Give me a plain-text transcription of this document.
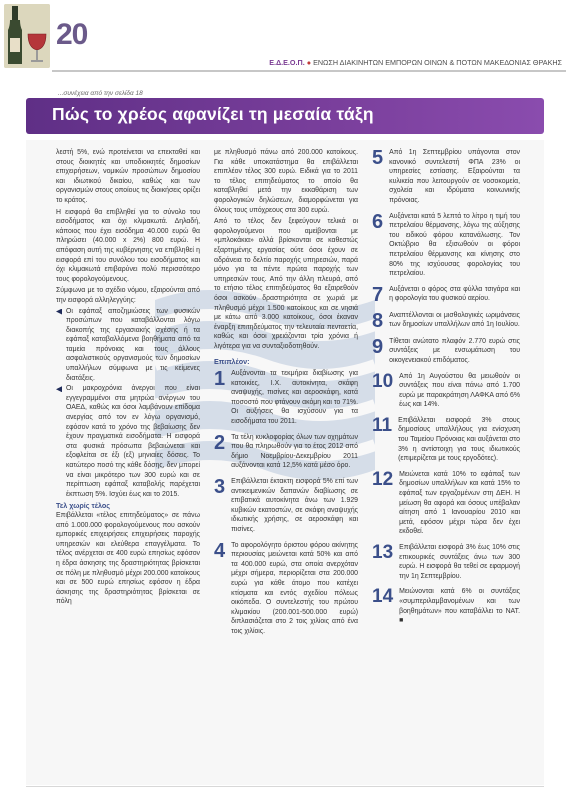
20
Ε.Δ.Ε.Ο.Π. ● ΕΝΩΣΗ ΔΙΑΚΙΝΗΤΩΝ ΕΜΠΟΡΩΝ ΟΙΝΩΝ & ΠΟΤΩΝ ΜΑΚΕΔΟΝΙΑΣ ΘΡΑΚΗΣ
...συνέχεια από την σελίδα 18
Πώς το χρέος αφανίζει τη μεσαία τάξη

λεστή 5%, ενώ προτείνεται να επεκταθεί και στους διοικητές και υποδιοικητές δημοσίων επιχειρήσεων, νομικών προσώπων δημοσίου και ιδιωτικού δικαίου, καθώς και των οργανισμών στους οποίους τις διοικήσεις ορίζει το κράτος.

Η εισφορά θα επιβληθεί για το σύνολο του εισοδήματος και όχι κλιμακωτά. Δηλαδή, κάποιος που έχει εισόδημα 40.000 ευρώ θα πληρώσει (40.000 x 2%) 800 ευρώ. Η απόφαση αυτή της κυβέρνησης να επιβληθεί η εισφορά επί του συνόλου του εισοδήματος και όχι κλιμακωτά επιβαρύνει πολύ περισσότερο τους φορολογούμενους.

Σύμφωνα με το σχέδιο νόμου, εξαιρούνται από την εισφορά αλληλεγγύης:

Οι εφάπαξ αποζημιώσεις των φυσικών προσώπων που καταβάλλονται λόγω διακοπής της εργασιακής σχέσης ή τα εφάπαξ καταβαλλόμενα βοηθήματα από τα ταμεία πρόνοιας και τους άλλους ασφαλιστικούς οργανισμούς των δημοσίων υπαλλήλων σύμφωνα με τις κείμενες διατάξεις.

Οι μακροχρόνια άνεργοι που είναι εγγεγραμμένοι στα μητρώα ανέργων του ΟΑΕΔ, καθώς και όσοι λαμβάνουν επίδομα ανεργίας από τον εν λόγω οργανισμό, εφόσον κατά το χρόνο της βεβαίωσης δεν έχουν πραγματικά εισοδήματα. Η εισφορά στα φυσικά πρόσωπα βεβαιώνεται και εξοφλείται σε έξι (εξ) μηνιαίες δόσεις. Το κατώτερο ποσό της κάθε δόσης, δεν μπορεί να είναι μικρότερο των 300 ευρώ και σε περίπτωση εφάπαξ καταβολής παρέχεται έκπτωση 5%. Ισχύει έως και το 2015.

Τελ χωρίς τέλος

Επιβάλλεται «τέλος επιτηδεύματος» σε πάνω από 1.000.000 φορολογούμενους που ασκούν εμπορικές επιχειρήσεις επιχειρήσεις παροχής υπηρεσιών και ελεύθερα επαγγέλματα. Το τέλος ανέρχεται σε 400 ευρώ επησίως εφόσον η έδρα άσκησης της δραστηριότητας βρίσκεται σε πόλη με πληθυσμό μέχρι 200.000 κατοίκους και σε 500 ευρώ επησίως εφόσον η έδρα άσκησης της δραστηριότητας βρίσκεται σε πόλη

με πληθυσμό πάνω από 200.000 κατοίκους. Για κάθε υποκατάστημα θα επιβάλλεται επιπλέον τέλος 300 ευρώ. Ειδικά για το 2011 το τέλος επιτηδεύματος το οποίο θα καταβληθεί μετά την εκκαθάριση των φορολογικών δηλώσεων, διαμορφώνεται για όλους τους υπόχρεους στα 300 ευρώ.

Από το τέλος δεν ξεφεύγουν τελικά οι φορολογούμενοι που αμείβονται με «μπλοκάκια» αλλά βρίσκονται σε καθεστώς εξαρτημένης εργασίας ούτε όσοι έχουν σε αδράνεια το δελτίο παροχής υπηρεσιών, παρά μόνο για τα πέντε πρώτα παροχής των υπηρεσιών τους. Από την άλλη πλευρά, από το ετήσιο τέλος επιτηδεύματος θα εξαιρεθούν όσοι ασκούν δραστηριότητα σε χωριά με πληθυσμό μέχρι 1.500 κατοίκους και σε νησιά με κάτω από 3.000 κατοίκους, όσοι έκαναν έναρξη επιτηδεύματος την τελευταία πενταετία, καθώς και όσοι χρειάζονται τρία χρόνια ή λιγότερα για να συνταξιοδοτηθούν.

Επιπλέον:
1 Αυξάνονται τα τεκμήρια διαβίωσης για κατοικίες, Ι.Χ. αυτοκίνητα, σκάφη αναψυχής, πισίνες και αεροσκάφη, κατά ποσοστό που φτάνουν ακόμη και το 71%. Οι αυξήσεις θα ισχύσουν για τα εισοδήματα του 2011.

2 Τα τέλη κυκλοφορίας όλων των οχημάτων που θα πληρωθούν για το έτος 2012 από δήμιο Νοεμβρίου-Δεκεμβρίου 2011 αυξάνονται κατά 12,5% κατά μέσο όρο.

3 Επιβάλλεται έκτακτη εισφορά 5% επί των αντικειμενικών δαπανών διαβίωσης σε επιβατικά αυτοκίνητα άνω των 1.929 κυβικών εκατοστών, σε σκάφη αναψυχής ιδιωτικής χρήσης, σε αεροσκάφη και πισίνες.

4 Το αφορολόγητο όριστου φόρου ακίνητης περιουσίας μειώνεται κατά 50% και από τα 400.000 ευρώ, στα οποία ανερχόταν μέχρι σήμερα, περιορίζεται στα 200.000 ευρώ για κάθε άτομο που κατέχει κτίσματα και εντός σχεδίου πόλεως οικόπεδα. Ο συντελεστής του πρώτου κλιμακίου (200.001-500.000 ευρώ) διπλασιάζεται στο 2 τοις χιλίοις από ένα τοις χιλίοις.

5 Από 1η Σεπτεμβρίου υπάγονται στον κανονικό συντελεστή ΦΠΑ 23% οι υπηρεσίες εστίασης. Εξαιρούνται τα κυλικεία που λειτουργούν σε νοσοκομεία, σχολεία και ιδρύματα κοινωνικής πρόνοιας.

6 Αυξάνεται κατά 5 λεπτά το λίτρο η τιμή του πετρελαίου θέρμανσης, λόγω της αύξησης του ειδικού φόρου κατανάλωσης. Τον Οκτώβριο θα εξισωθούν οι φόροι πετρελαίου θέρμανσης και κίνησης στο 80% της ισχύουσας φορολογίας του πετρελαίου.

7 Αυξάνεται ο φόρος στα φύλλα τσιγάρα και η φορολογία του φυσικού αερίου.

8 Αναπτέλλονται οι μισθολογικές ωριμάνσεις των δημοσίων υπαλλήλων από 1η Ιουλίου.

9 Τίθεται ανώτατο πλαφόν 2.770 ευρώ στις συντάξεις με ενσωμάτωση του οικογενειακού επιδόματος.

10 Από 1η Αυγούστου θα μειωθούν οι συντάξεις που είναι πάνω από 1.700 ευρώ με παρακράτηση ΛΑΦΚΑ από 6% έως και 14%.

11 Επιβάλλεται εισφορά 3% στους δημοσίους υπαλλήλους για ενίσχυση του Ταμείου Πρόνοιας και αυξάνεται στο 3% η αντίστοιχη για τους ιδιωτικούς (επιμερίζεται με τους εργοδότες).

12 Μειώνεται κατά 10% το εφάπαξ των δημοσίων υπαλλήλων και κατά 15% το εφάπαξ των εργαζομένων στη ΔΕΗ. Η μείωση θα αφορά και όσους υπέβαλαν αίτηση από 1 Ιανουαρίου 2010 και μετά, εφόσον μέχρι τώρα δεν έχει εκδοθεί.

13 Επιβάλλεται εισφορά 3% έως 10% στις επικουρικές συντάξεις άνω των 300 ευρώ. Η εισφορά θα τεθεί σε εφαρμογή την 1η Σεπτεμβρίου.

14 Μειώνονται κατά 6% οι συντάξεις «συμπεριλαμβανομένων και των βοηθημάτων» που καταβάλλει το ΝΑΤ. ■
